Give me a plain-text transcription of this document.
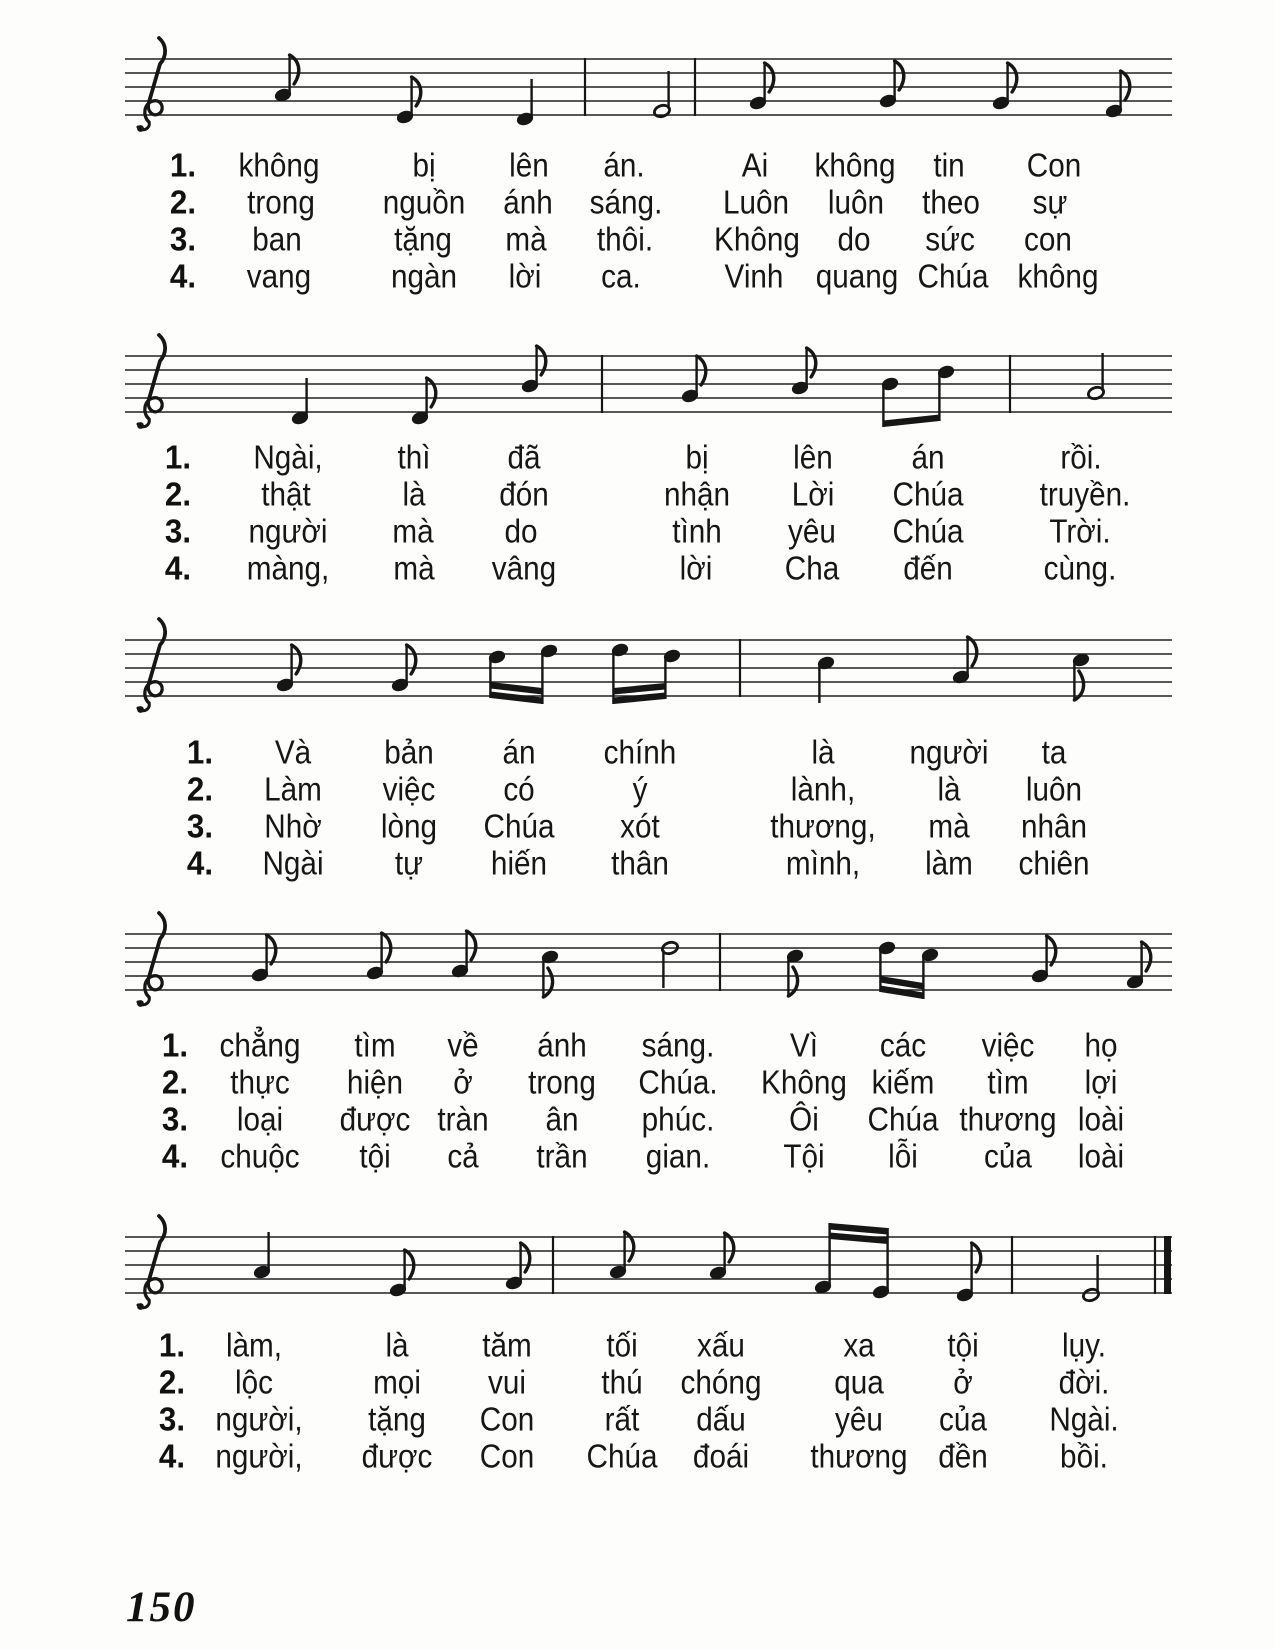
1. không	bị lên án.	Ai không tin Con
2. trong nguồn ánh sáng. Luôn luôn theo sự
3. ban	tặng mà thôi. Không do sức con
4. vang ngàn lời ca.	Vinh quang Chúa không
1. Ngài, thì đã	bị	lên án	rồi.
2. thật	là đón	nhận Lời Chúa truyền.
3. người mà do	tình yêu Chúa	Trời.
4. màng, mà vâng	lời Cha đến	cùng.
1. Và bản án chính	là người ta
2. Làm việc có	ý	lành, là luôn
3. Nhờ lòng Chúa xót	thương, mà nhân
4. Ngài tự hiến thân	mình, làm chiên
1. chẳng tìm về ánh sáng. Vì các việc họ
2. thực hiện ở trong Chúa. Không kiếm tìm lợi
3. loại được tràn ân phúc. Ôi Chúa thương loài
4. chuộc tội cả trần gian. Tội lỗi của loài
1. làm,	là tăm tối xấu	xa tội	lụy.
2. lộc	mọi vui thú chóng qua ở	đời.
3. người, tặng Con rất dấu	yêu của Ngài.
4. người, được Con Chúa đoái thương đền bồi.
150
